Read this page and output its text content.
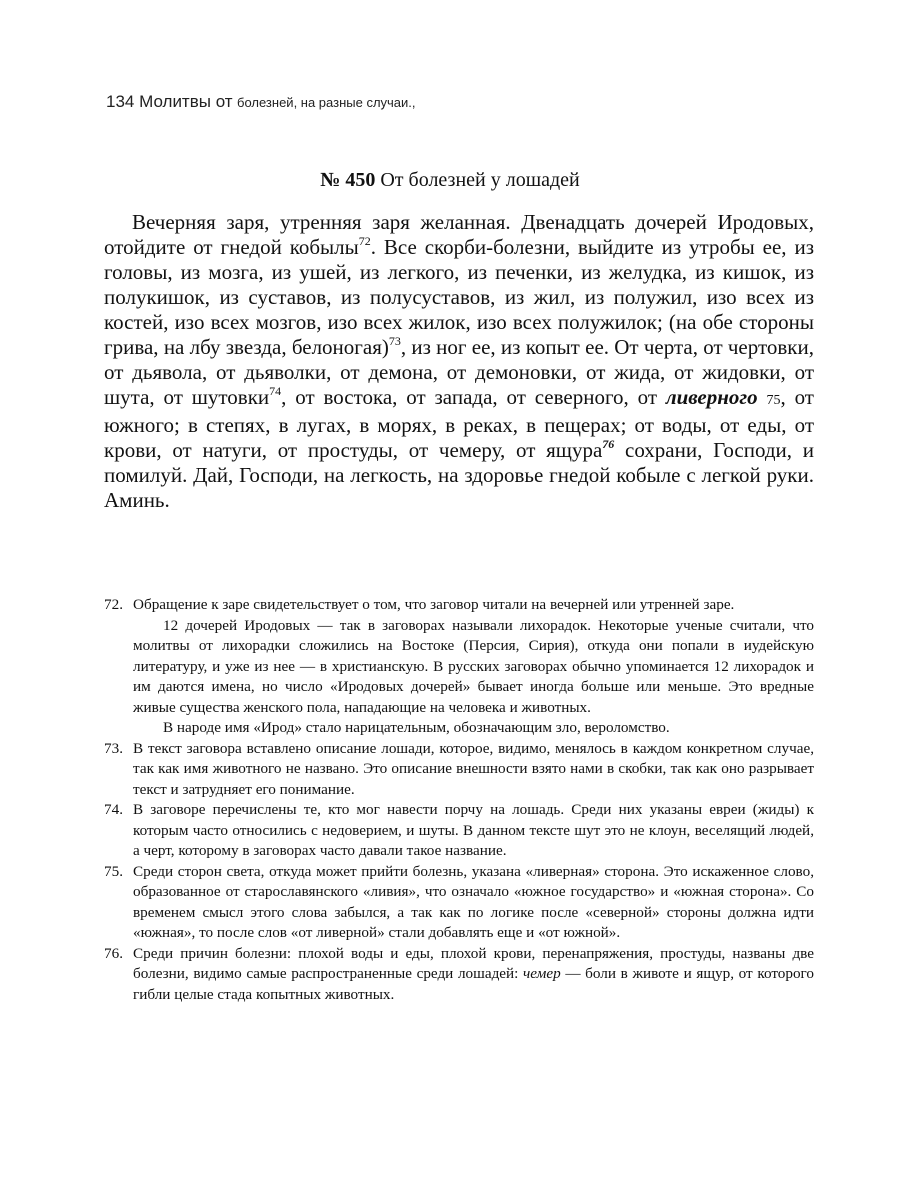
134 Молитвы от болезней, на разные случаи.,
№ 450 От болезней у лошадей

Вечерняя заря, утренняя заря желанная. Двенадцать дочерей Иродовых, отойдите от гнедой кобылы$^{72}$. Все скорби-болезни, выйдите из утробы ее, из головы, из мозга, из ушей, из легкого, из печенки, из желудка, из кишок, из полукишок, из суставов, из полусуставов, из жил, из полужил, изо всех из костей, изо всех мозгов, изо всех жилок, изо всех полужилок; (на обе стороны грива, на лбу звезда, белоногая)$^{73}$, из ног ее, из копыт ее. От черта, от чертовки, от дьявола, от дьяволки, от демона, от демоновки, от жида, от жидовки, от шута, от шутовки$^{74}$, от востока, от запада, от северного, от ливерного 75, от южного; в степях, в лугах, в морях, в реках, в пещерах; от воды, от еды, от крови, от натуги, от простуды, от чемеру, от ящура$^{76}$ сохрани, Господи, и помилуй. Дай, Господи, на легкость, на здоровье гнедой кобыле с легкой руки. Аминь.

72. Обращение к заре свидетельствует о том, что заговор читали на вечерней или утренней заре.

12 дочерей Иродовых — так в заговорах называли лихорадок. Некоторые ученые считали, что молитвы от лихорадки сложились на Востоке (Персия, Сирия), откуда они попали в иудейскую литературу, и уже из нее — в христианскую. В русских заговорах обычно упоминается 12 лихорадок и им даются имена, но число «Иродовых дочерей» бывает иногда больше или меньше. Это вредные живые существа женского пола, нападающие на человека и животных.

В народе имя «Ирод» стало нарицательным, обозначающим зло, вероломство.

73. В текст заговора вставлено описание лошади, которое, видимо, менялось в каждом конкретном случае, так как имя животного не названо. Это описание внешности взято нами в скобки, так как оно разрывает текст и затрудняет его понимание.

74. В заговоре перечислены те, кто мог навести порчу на лошадь. Среди них указаны евреи (жиды) к которым часто относились с недоверием, и шуты. В данном тексте шут это не клоун, веселящий людей, а черт, которому в заговорах часто давали такое название.

75. Среди сторон света, откуда может прийти болезнь, указана «ливерная» сторона. Это искаженное слово, образованное от старославянского «ливия», что означало «южное государство» и «южная сторона». Со временем смысл этого слова забылся, а так как по логике после «северной» стороны должна идти «южная», то после слов «от ливерной» стали добавлять еще и «от южной».

76. Среди причин болезни: плохой воды и еды, плохой крови, перенапряжения, простуды, названы две болезни, видимо самые распространенные среди лошадей: чемер — боли в животе и ящур, от которого гибли целые стада копытных животных.
